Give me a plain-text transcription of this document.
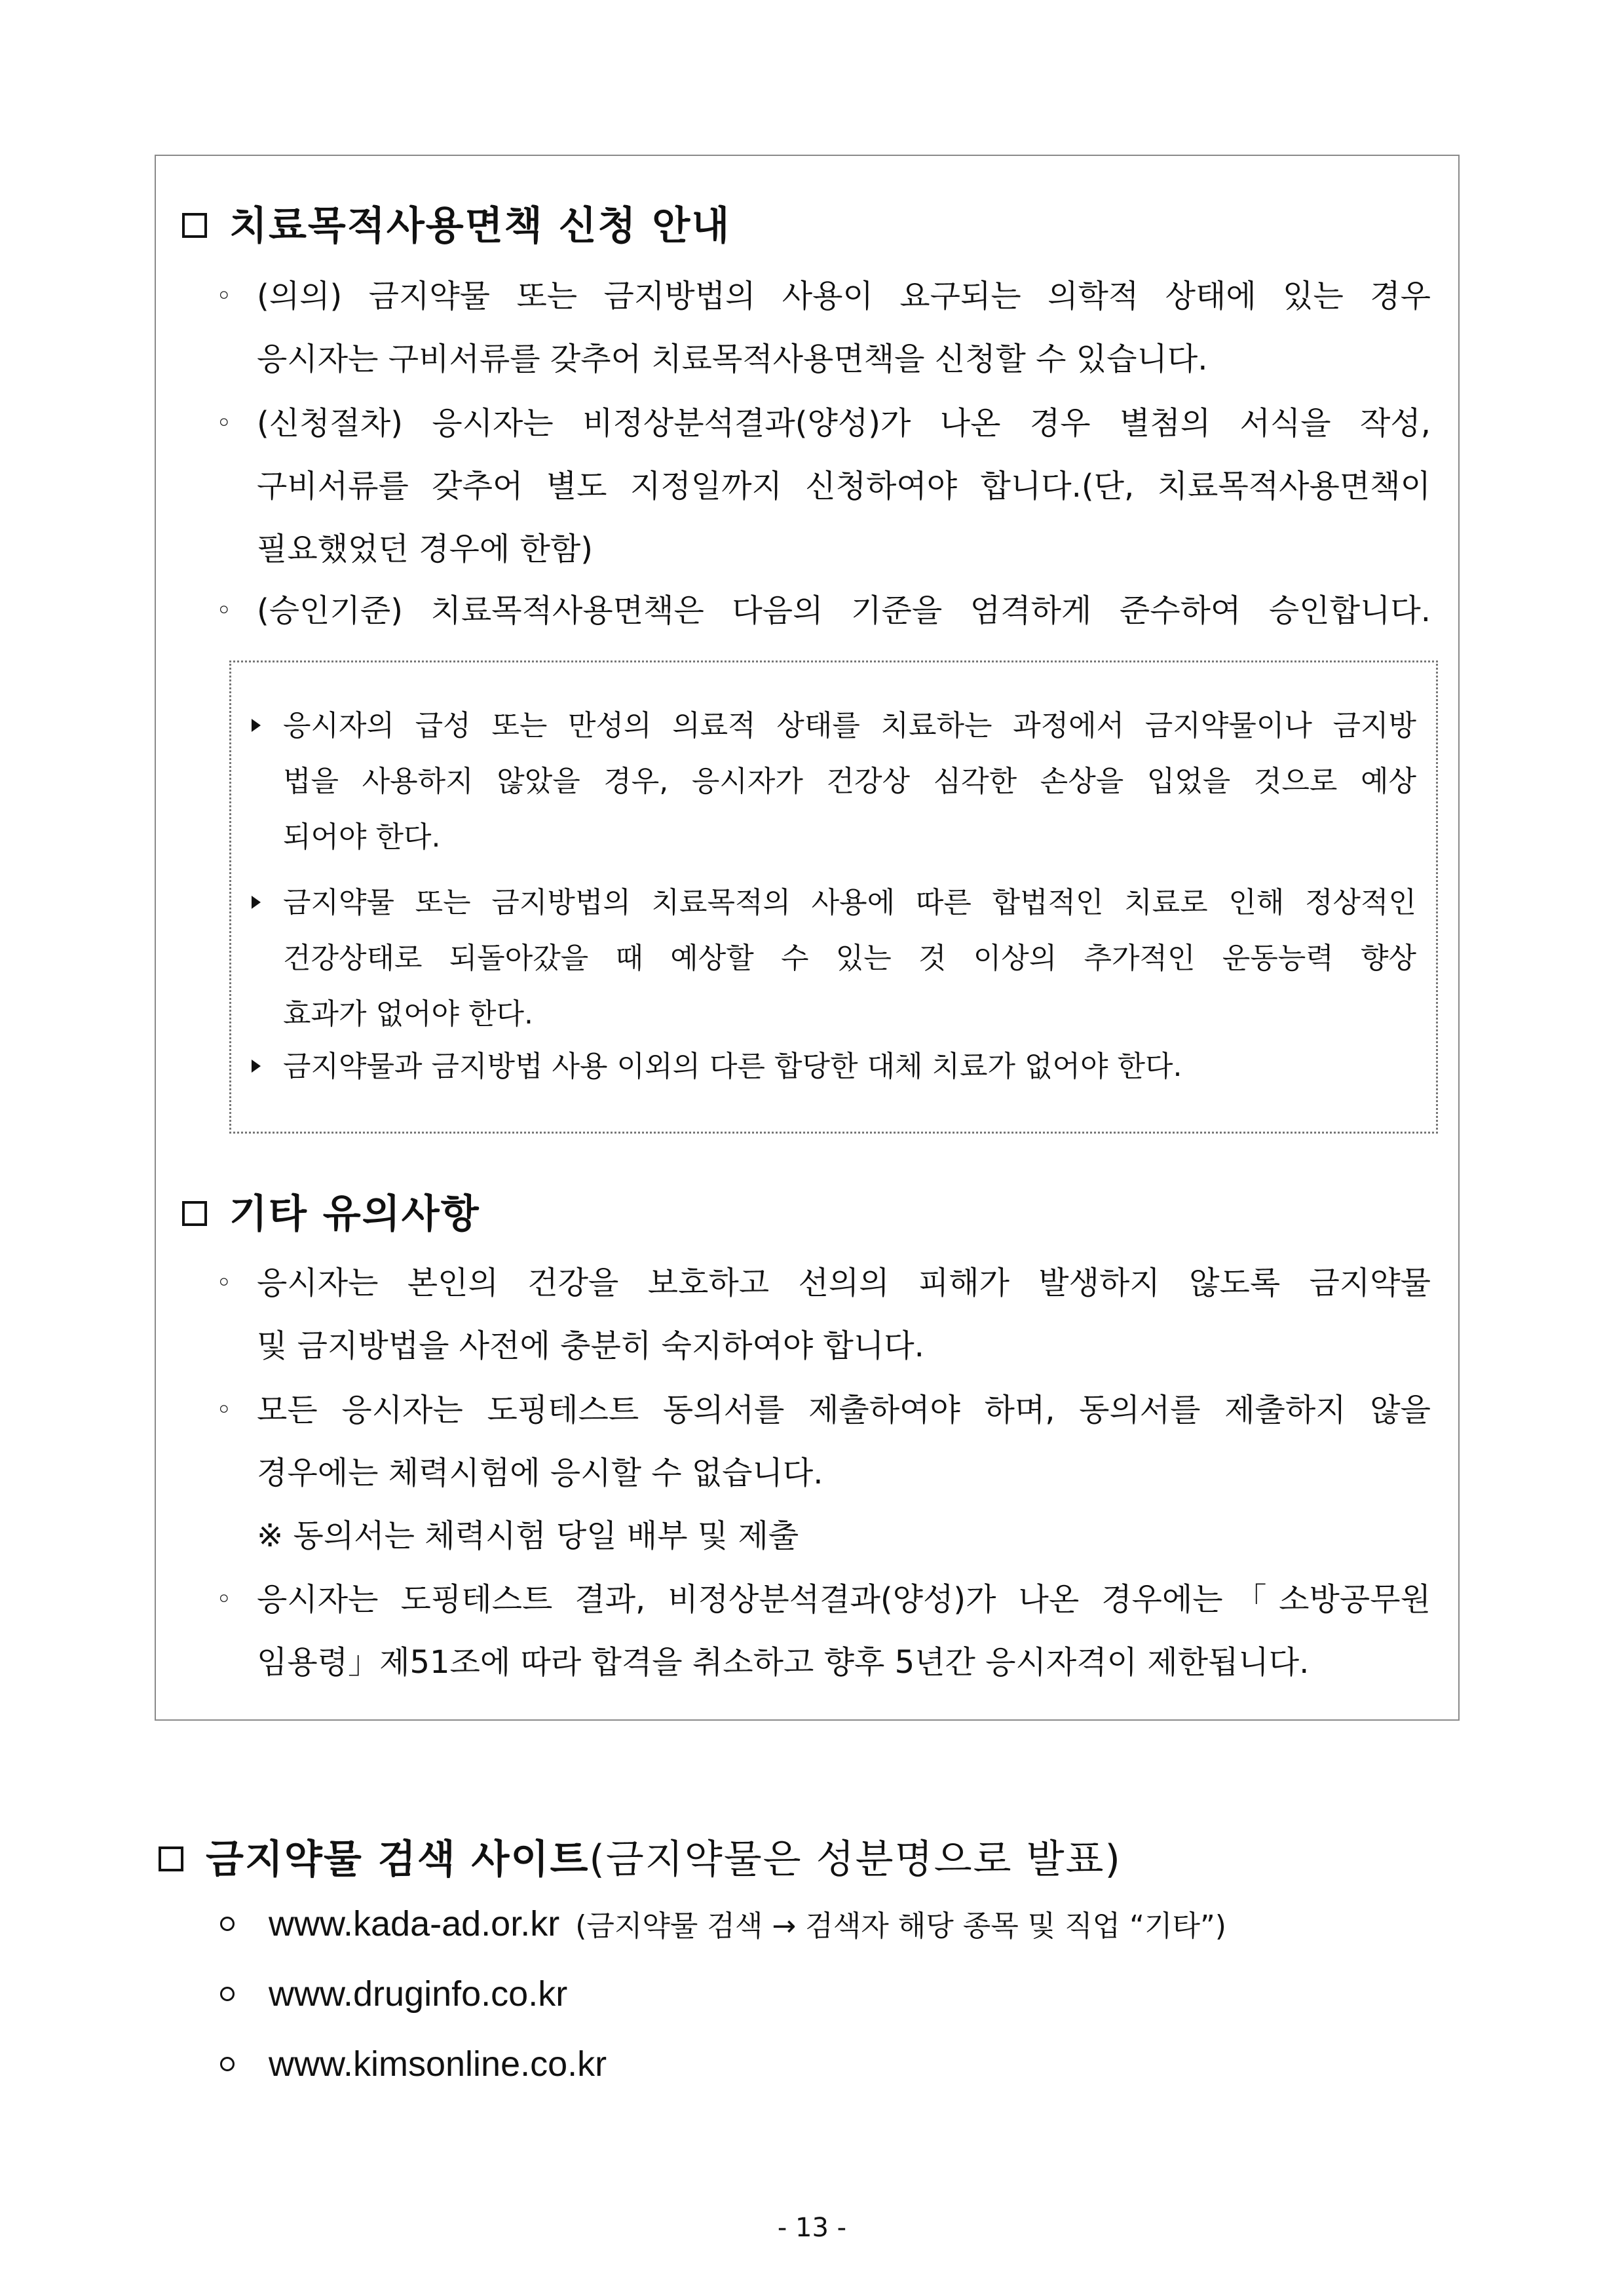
치료목적사용면책 신청 안내
◦ (의의) 금지약물 또는 금지방법의 사용이 요구되는 의학적 상태에 있는 경우
응시자는 구비서류를 갖추어 치료목적사용면책을 신청할 수 있습니다.
◦ (신청절차) 응시자는 비정상분석결과(양성)가 나온 경우 별첨의 서식을 작성,
구비서류를 갖추어 별도 지정일까지 신청하여야 합니다.(단, 치료목적사용면책이
필요했었던 경우에 한함)
◦ (승인기준) 치료목적사용면책은 다음의 기준을 엄격하게 준수하여 승인합니다.
응시자의 급성 또는 만성의 의료적 상태를 치료하는 과정에서 금지약물이나 금지방
법을 사용하지 않았을 경우, 응시자가 건강상 심각한 손상을 입었을 것으로 예상
되어야 한다.
금지약물 또는 금지방법의 치료목적의 사용에 따른 합법적인 치료로 인해 정상적인
건강상태로 되돌아갔을 때 예상할 수 있는 것 이상의 추가적인 운동능력 향상
효과가 없어야 한다.
금지약물과 금지방법 사용 이외의 다른 합당한 대체 치료가 없어야 한다.
기타 유의사항
◦ 응시자는 본인의 건강을 보호하고 선의의 피해가 발생하지 않도록 금지약물
및 금지방법을 사전에 충분히 숙지하여야 합니다.
◦ 모든 응시자는 도핑테스트 동의서를 제출하여야 하며, 동의서를 제출하지 않을
경우에는 체력시험에 응시할 수 없습니다.
※ 동의서는 체력시험 당일 배부 및 제출
◦ 응시자는 도핑테스트 결과, 비정상분석결과(양성)가 나온 경우에는「소방공무원
임용령」제51조에 따라 합격을 취소하고 향후 5년간 응시자격이 제한됩니다.
금지약물 검색 사이트(금지약물은 성분명으로 발표)
www.kada-ad.or.kr (금지약물 검색 → 검색자 해당 종목 및 직업 “기타”)
www.druginfo.co.kr
www.kimsonline.co.kr
- 13 -
